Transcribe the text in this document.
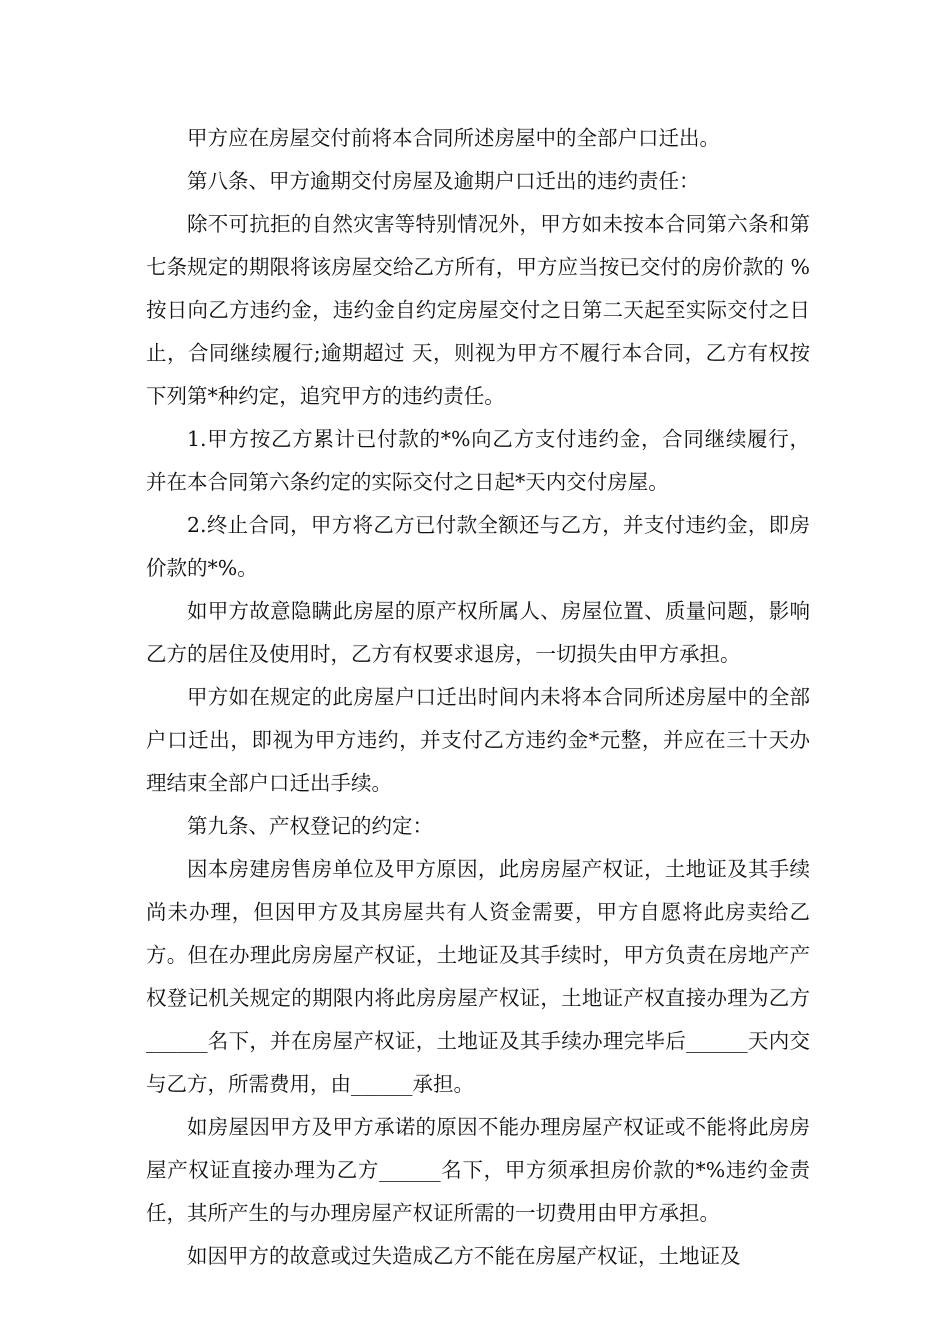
甲方应在房屋交付前将本合同所述房屋中的全部户口迁出。

第八条、甲方逾期交付房屋及逾期户口迁出的违约责任：

除不可抗拒的自然灾害等特别情况外，甲方如未按本合同第六条和第七条规定的期限将该房屋交给乙方所有，甲方应当按已交付的房价款的 %按日向乙方违约金，违约金自约定房屋交付之日第二天起至实际交付之日止，合同继续履行;逾期超过 天，则视为甲方不履行本合同，乙方有权按下列第*种约定，追究甲方的违约责任。

1.甲方按乙方累计已付款的*%向乙方支付违约金，合同继续履行，并在本合同第六条约定的实际交付之日起*天内交付房屋。

2.终止合同，甲方将乙方已付款全额还与乙方，并支付违约金，即房价款的*%。

如甲方故意隐瞒此房屋的原产权所属人、房屋位置、质量问题，影响乙方的居住及使用时，乙方有权要求退房，一切损失由甲方承担。

甲方如在规定的此房屋户口迁出时间内未将本合同所述房屋中的全部户口迁出，即视为甲方违约，并支付乙方违约金*元整，并应在三十天办理结束全部户口迁出手续。

第九条、产权登记的约定：

因本房建房售房单位及甲方原因，此房房屋产权证，土地证及其手续尚未办理，但因甲方及其房屋共有人资金需要，甲方自愿将此房卖给乙方。但在办理此房房屋产权证，土地证及其手续时，甲方负责在房地产产权登记机关规定的期限内将此房房屋产权证，土地证产权直接办理为乙方______名下，并在房屋产权证，土地证及其手续办理完毕后______天内交与乙方，所需费用，由______承担。

如房屋因甲方及甲方承诺的原因不能办理房屋产权证或不能将此房房屋产权证直接办理为乙方______名下，甲方须承担房价款的*%违约金责任，其所产生的与办理房屋产权证所需的一切费用由甲方承担。

如因甲方的故意或过失造成乙方不能在房屋产权证，土地证及
